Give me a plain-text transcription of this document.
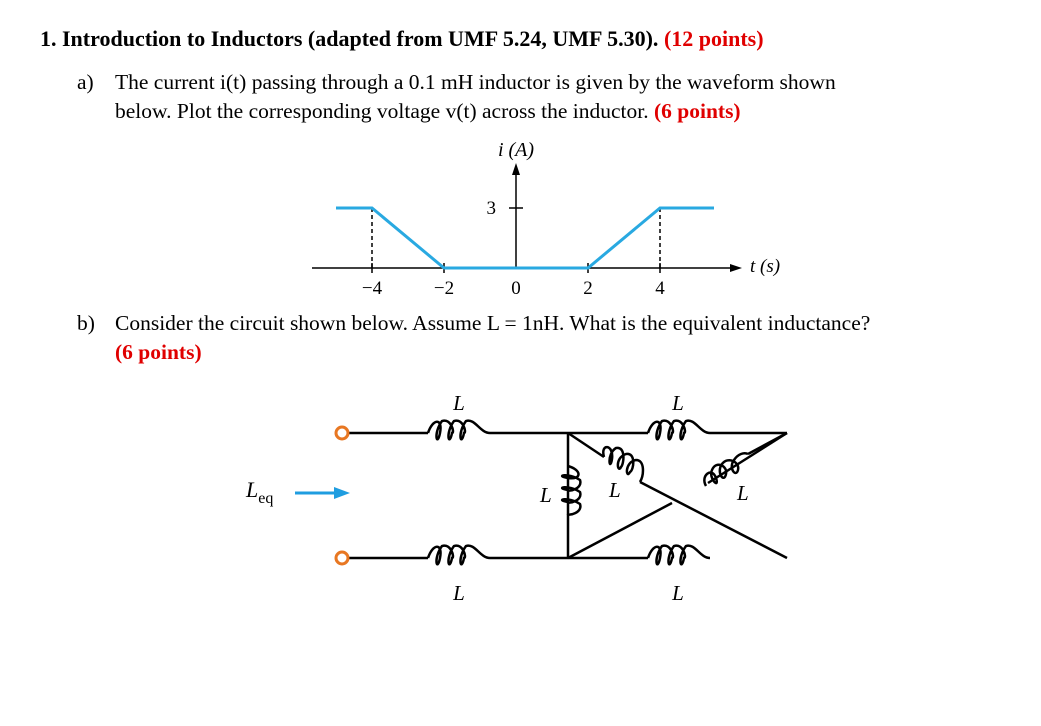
1. Introduction to Inductors (adapted from UMF 5.24, UMF 5.30). (12 points)
a) The current i(t) passing through a 0.1 mH inductor is given by the waveform shown
below. Plot the corresponding voltage v(t) across the inductor. (6 points)
i (A)
t (s)
3
−4	−2	0	2	4
b) Consider the circuit shown below. Assume L = 1nH. What is the equivalent inductance?
(6 points)
$L_{eq}$
L	L
L	L
L	L	L
